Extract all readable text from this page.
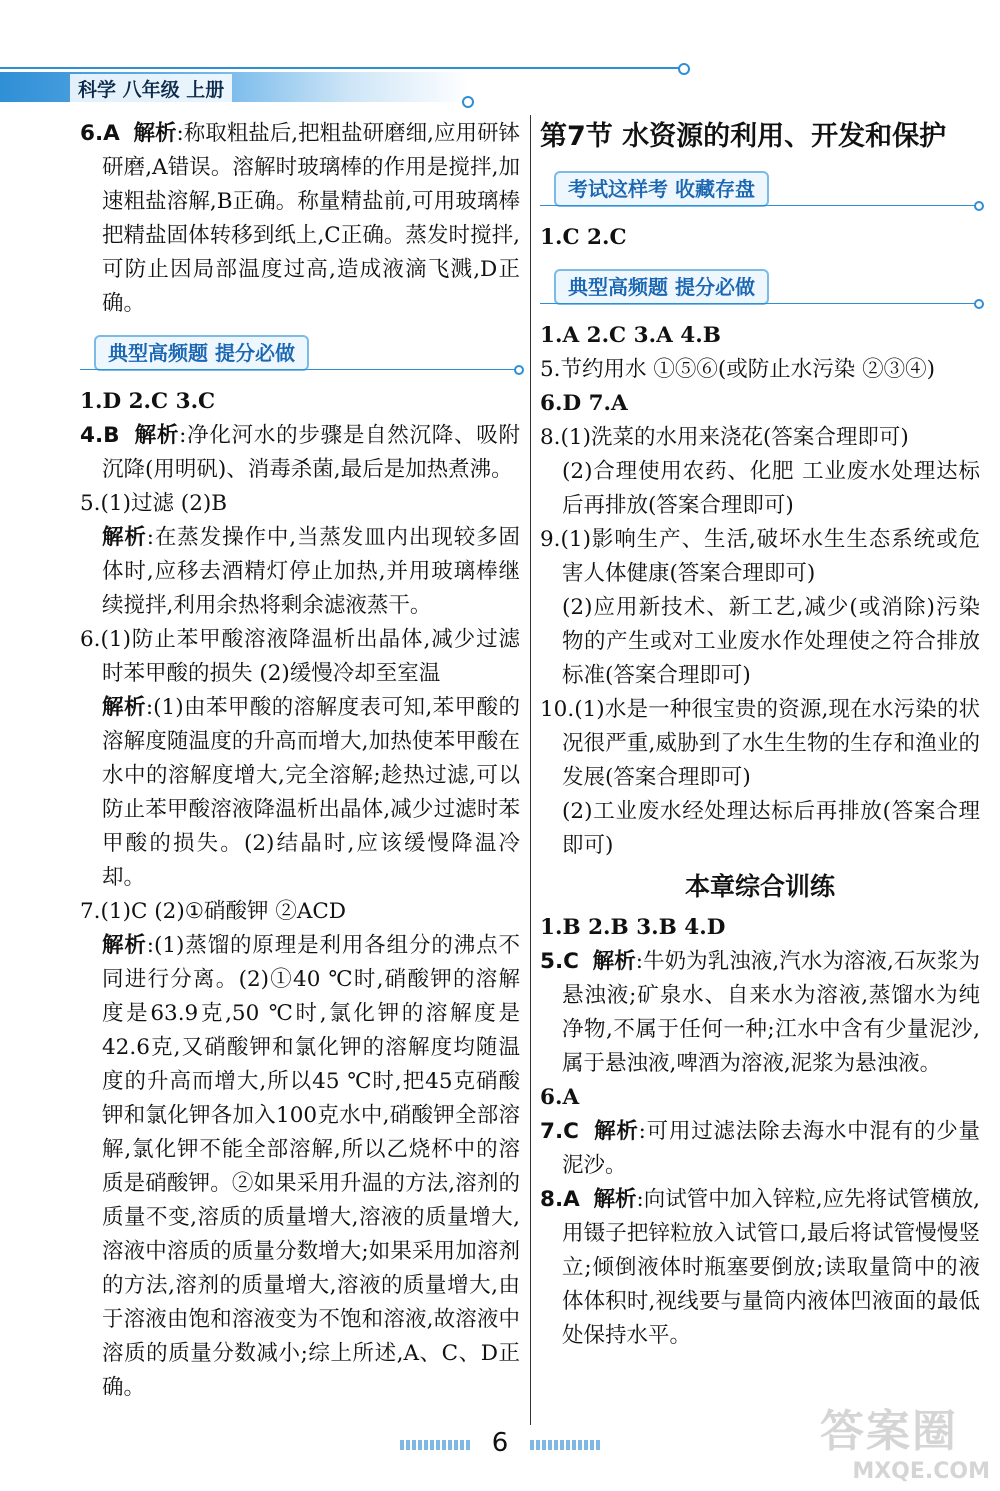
科学 八年级 上册

6.A 解析:称取粗盐后,把粗盐研磨细,应用研钵研磨,A错误。溶解时玻璃棒的作用是搅拌,加速粗盐溶解,B正确。称量精盐前,可用玻璃棒把精盐固体转移到纸上,C正确。蒸发时搅拌,可防止因局部温度过高,造成液滴飞溅,D正确。

典型高频题 提分必做

1.D 2.C 3.C

4.B 解析:净化河水的步骤是自然沉降、吸附沉降(用明矾)、消毒杀菌,最后是加热煮沸。

5.(1)过滤 (2)B

解析:在蒸发操作中,当蒸发皿内出现较多固体时,应移去酒精灯停止加热,并用玻璃棒继续搅拌,利用余热将剩余滤液蒸干。

6.(1)防止苯甲酸溶液降温析出晶体,减少过滤时苯甲酸的损失 (2)缓慢冷却至室温

解析:(1)由苯甲酸的溶解度表可知,苯甲酸的溶解度随温度的升高而增大,加热使苯甲酸在水中的溶解度增大,完全溶解;趁热过滤,可以防止苯甲酸溶液降温析出晶体,减少过滤时苯甲酸的损失。(2)结晶时,应该缓慢降温冷却。

7.(1)C (2)①硝酸钾 ②ACD

解析:(1)蒸馏的原理是利用各组分的沸点不同进行分离。(2)①40 ℃时,硝酸钾的溶解度是63.9克,50 ℃时,氯化钾的溶解度是42.6克,又硝酸钾和氯化钾的溶解度均随温度的升高而增大,所以45 ℃时,把45克硝酸钾和氯化钾各加入100克水中,硝酸钾全部溶解,氯化钾不能全部溶解,所以乙烧杯中的溶质是硝酸钾。②如果采用升温的方法,溶剂的质量不变,溶质的质量增大,溶液的质量增大,溶液中溶质的质量分数增大;如果采用加溶剂的方法,溶剂的质量增大,溶液的质量增大,由于溶液由饱和溶液变为不饱和溶液,故溶液中溶质的质量分数减小;综上所述,A、C、D正确。

第7节 水资源的利用、开发和保护

考试这样考 收藏存盘

1.C 2.C

典型高频题 提分必做

1.A 2.C 3.A 4.B

5.节约用水 ①⑤⑥(或防止水污染 ②③④)

6.D 7.A

8.(1)洗菜的水用来浇花(答案合理即可)

(2)合理使用农药、化肥 工业废水处理达标后再排放(答案合理即可)

9.(1)影响生产、生活,破坏水生生态系统或危害人体健康(答案合理即可)

(2)应用新技术、新工艺,减少(或消除)污染物的产生或对工业废水作处理使之符合排放标准(答案合理即可)

10.(1)水是一种很宝贵的资源,现在水污染的状况很严重,威胁到了水生生物的生存和渔业的发展(答案合理即可)

(2)工业废水经处理达标后再排放(答案合理即可)

本章综合训练

1.B 2.B 3.B 4.D

5.C 解析:牛奶为乳浊液,汽水为溶液,石灰浆为悬浊液;矿泉水、自来水为溶液,蒸馏水为纯净物,不属于任何一种;江水中含有少量泥沙,属于悬浊液,啤酒为溶液,泥浆为悬浊液。

6.A

7.C 解析:可用过滤法除去海水中混有的少量泥沙。

8.A 解析:向试管中加入锌粒,应先将试管横放,用镊子把锌粒放入试管口,最后将试管慢慢竖立;倾倒液体时瓶塞要倒放;读取量筒中的液体体积时,视线要与量筒内液体凹液面的最低处保持水平。

6	答案圈
MXQE.COM
